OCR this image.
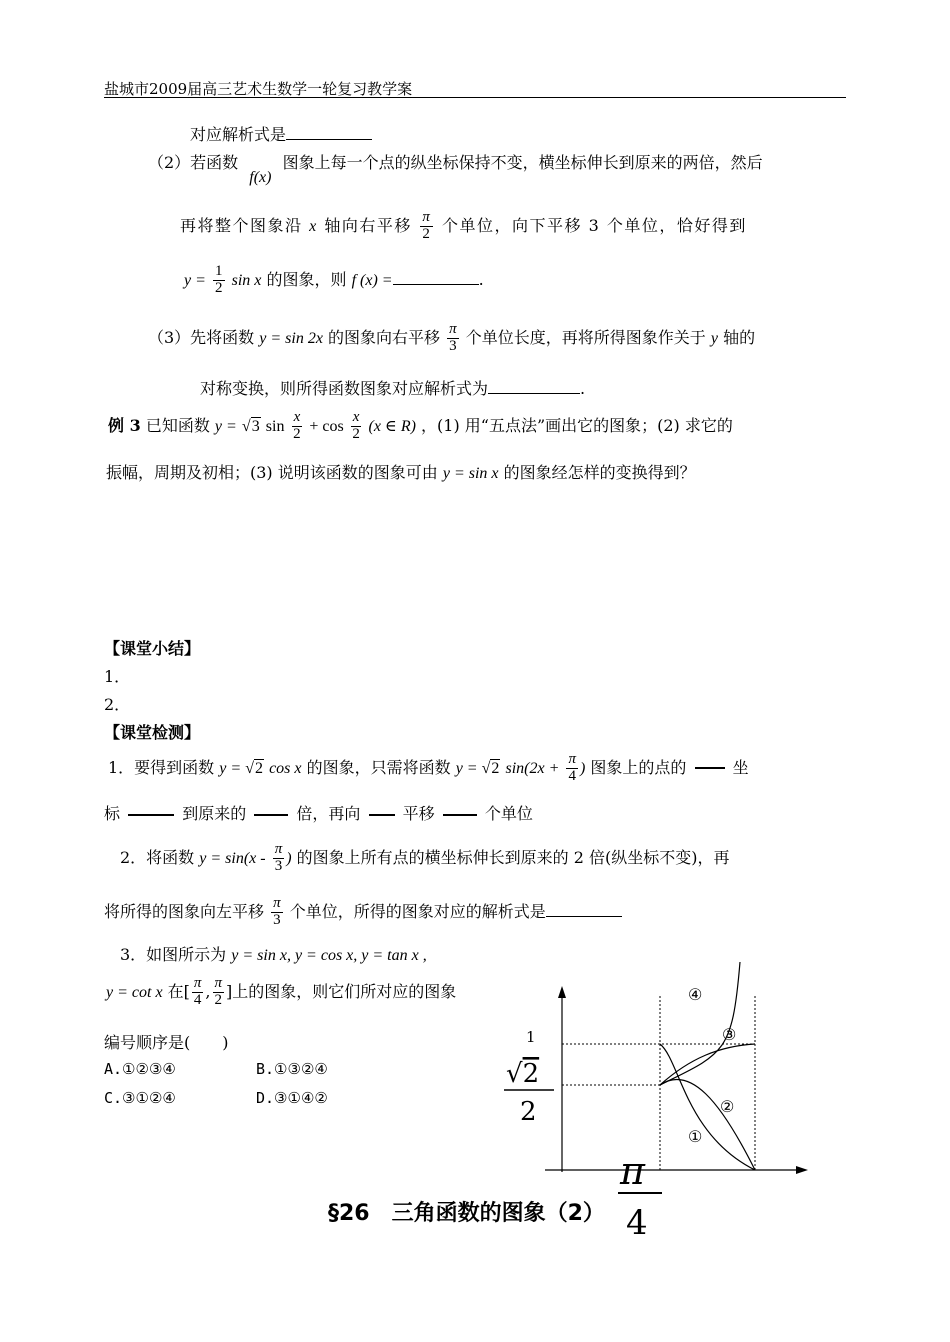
盐城市2009届高三艺术生数学一轮复习教学案
对应解析式是
（2）若函数 f(x) 图象上每一个点的纵坐标保持不变，横坐标伸长到原来的两倍，然后
再将整个图象沿 x 轴向右平移 $\frac{\pi}{2}$ 个单位，向下平移 3 个单位，恰好得到
$y = \frac{1}{2}$ sin x 的图象，则 f (x) =	.
（3）先将函数 y = sin 2x 的图象向右平移 $\frac{\pi}{3}$ 个单位长度，再将所得图象作关于 y 轴的
对称变换，则所得函数图象对应解析式为	.
例 3 已知函数 y = √3 $\sin \frac{x}{2} + \cos \frac{x}{2} (x$ ∈ R) ，(1) 用“五点法”画出它的图象；(2) 求它的
振幅，周期及初相；(3) 说明该函数的图象可由 y = sin x 的图象经怎样的变换得到？
【课堂小结】
1．
2．
【课堂检测】
1．要得到函数 y = √2 cos x 的图象，只需将函数 y = √2 $\sin(2x + \frac{\pi}{4}$ ) 图象上的点的	坐
标	到原来的	倍，再向	平移	个单位
2．将函数 $y = \sin(x - \frac{\pi}{3}$ ) 的图象上所有点的横坐标伸长到原来的 2 倍(纵坐标不变)，再
将所得的图象向左平移 $\frac{\pi}{3}$ 个单位，所得的图象对应的解析式是
3．如图所示为 y = sin x, y = cos x, y = tan x ,
y = cot x 在[ $\frac{\pi}{4}$ , $\frac{\pi}{2}$ ]上的图象，则它们所对应的图象
编号顺序是(　　)
A.①②③④	B.①③②④
C.③①②④	D.③①④②
1
√2
2
π
4
④
③
②
①
§26　三角函数的图象（2）
